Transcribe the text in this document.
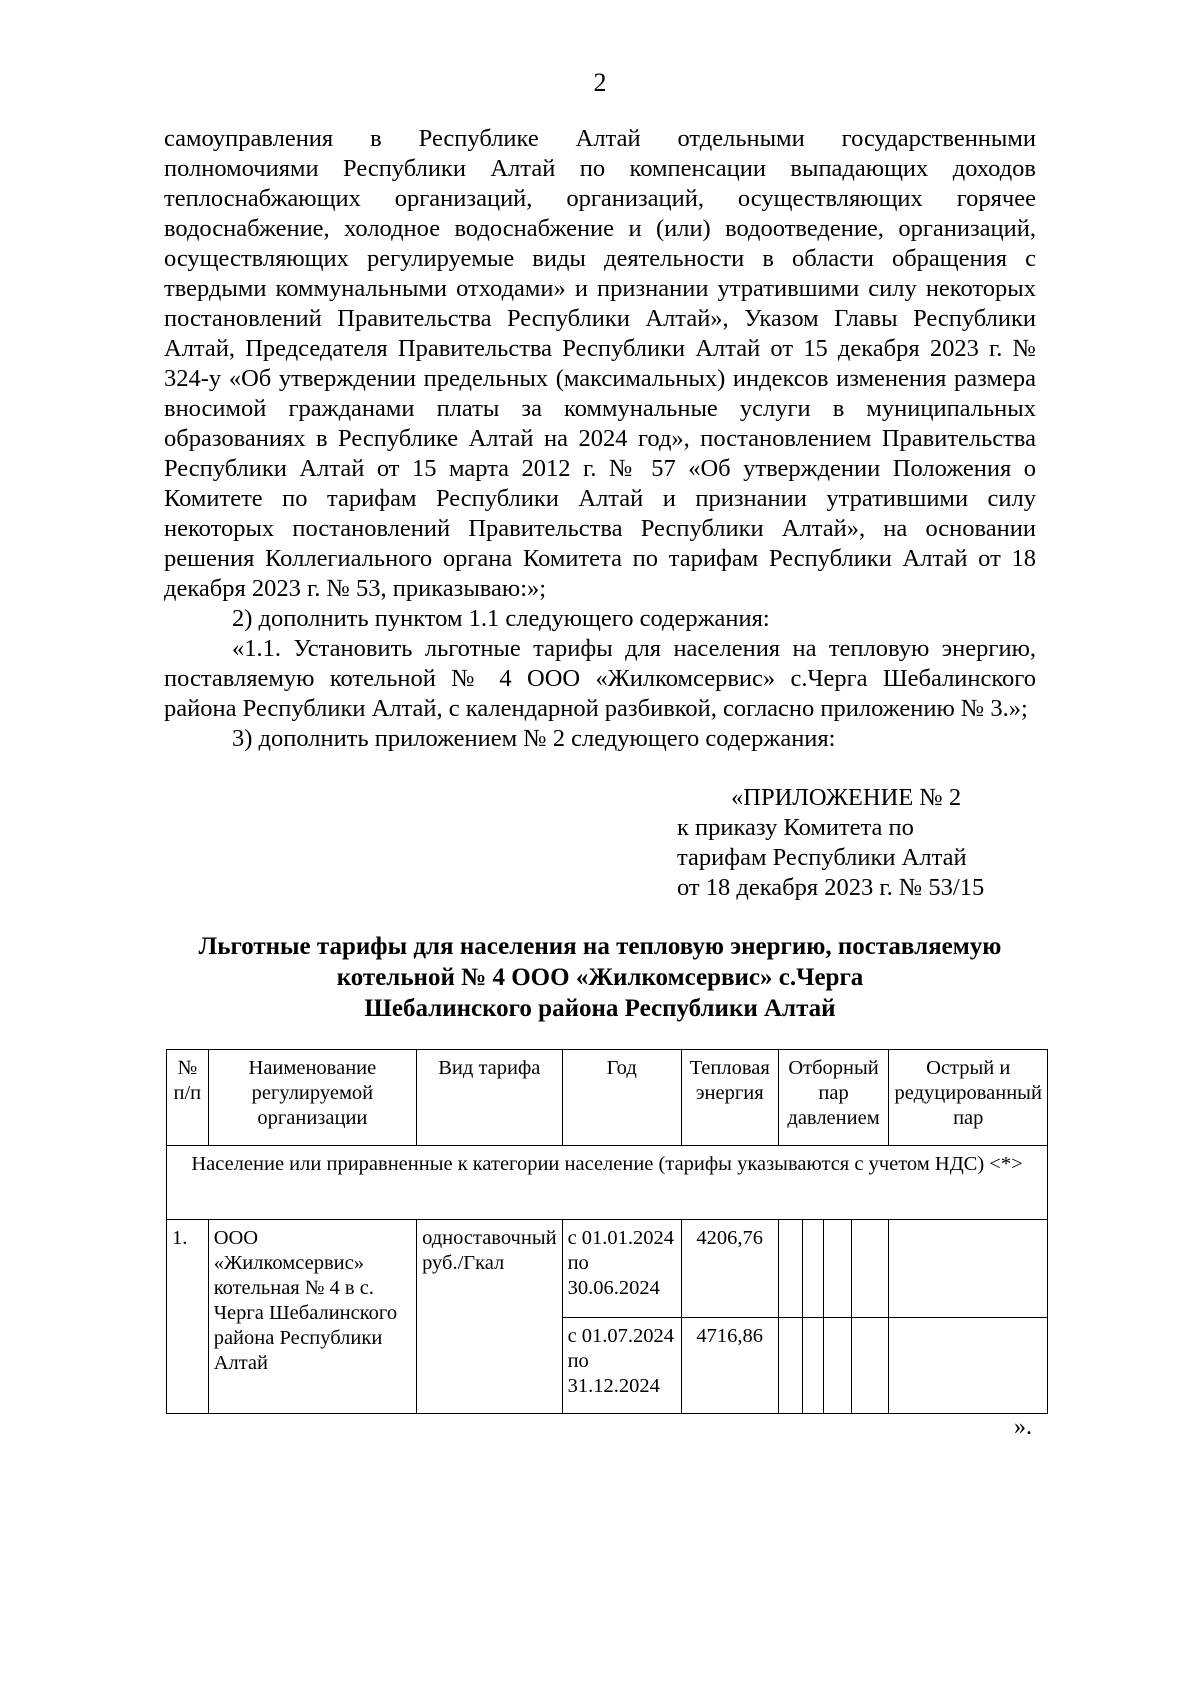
2

самоуправления в Республике Алтай отдельными государственными полномочиями Республики Алтай по компенсации выпадающих доходов теплоснабжающих организаций, организаций, осуществляющих горячее водоснабжение, холодное водоснабжение и (или) водоотведение, организаций, осуществляющих регулируемые виды деятельности в области обращения с твердыми коммунальными отходами» и признании утратившими силу некоторых постановлений Правительства Республики Алтай», Указом Главы Республики Алтай, Председателя Правительства Республики Алтай от 15 декабря 2023 г. № 324-у «Об утверждении предельных (максимальных) индексов изменения размера вносимой гражданами платы за коммунальные услуги в муниципальных образованиях в Республике Алтай на 2024 год», постановлением Правительства Республики Алтай от 15 марта 2012 г. № 57 «Об утверждении Положения о Комитете по тарифам Республики Алтай и признании утратившими силу некоторых постановлений Правительства Республики Алтай», на основании решения Коллегиального органа Комитета по тарифам Республики Алтай от 18 декабря 2023 г. № 53, приказываю:»;

2) дополнить пунктом 1.1 следующего содержания:

«1.1. Установить льготные тарифы для населения на тепловую энергию, поставляемую котельной № 4 ООО «Жилкомсервис» с.Черга Шебалинского района Республики Алтай, с календарной разбивкой, согласно приложению № 3.»;

3) дополнить приложением № 2 следующего содержания:

«ПРИЛОЖЕНИЕ № 2
к приказу Комитета по
тарифам Республики Алтай
от 18 декабря 2023 г. № 53/15
Льготные тарифы для населения на тепловую энергию, поставляемую
котельной № 4 ООО «Жилкомсервис» с.Черга
Шебалинского района Республики Алтай
№ п/п	Наименование регулируемой организации	Вид тарифа	Год	Тепловая энергия	Отборный пар давлением				Острый и редуцированный пар
Население или приравненные к категории население (тарифы указываются с учетом НДС) <*>									
1.	ООО «Жилкомсервис» котельная № 4 в с. Черга Шебалинского района Республики Алтай	одноставочный руб./Гкал	с 01.01.2024 по 30.06.2024	4206,76					
			с 01.07.2024 по 31.12.2024	4716,86					
».
